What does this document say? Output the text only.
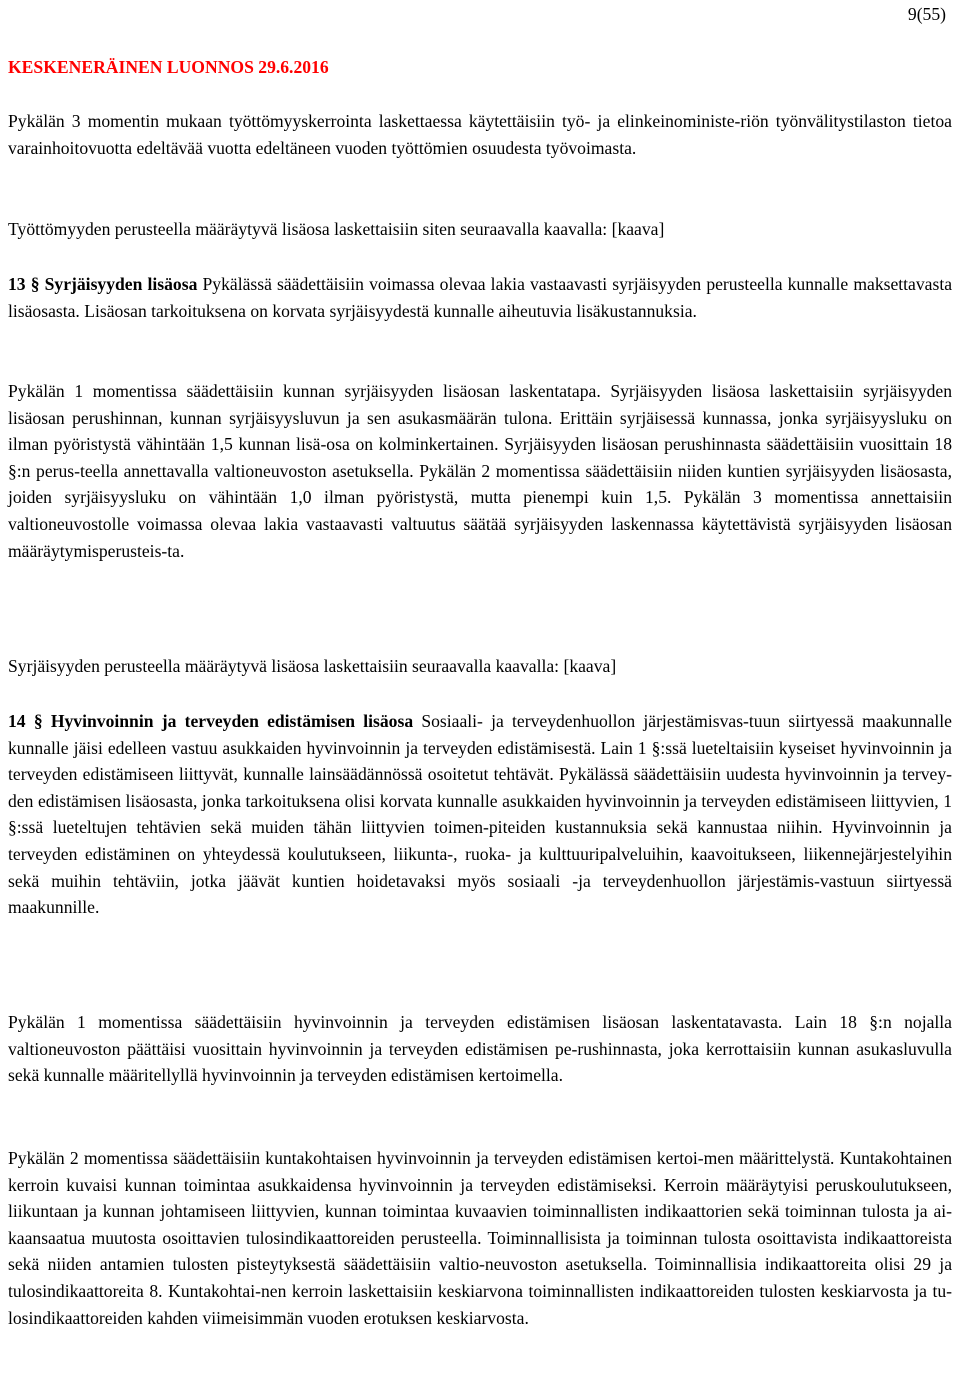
9(55)
KESKENERÄINEN LUONNOS 29.6.2016

Pykälän 3 momentin mukaan työttömyyskerrointa laskettaessa käytettäisiin työ- ja elinkeinoministe-riön työnvälitystilaston tietoa varainhoitovuotta edeltävää vuotta edeltäneen vuoden työttömien osuudesta työvoimasta.

Työttömyyden perusteella määräytyvä lisäosa laskettaisiin siten seuraavalla kaavalla: [kaava]

13 § Syrjäisyyden lisäosa Pykälässä säädettäisiin voimassa olevaa lakia vastaavasti syrjäisyyden perusteella kunnalle maksettavasta lisäosasta. Lisäosan tarkoituksena on korvata syrjäisyydestä kunnalle aiheutuvia lisäkustannuksia.

Pykälän 1 momentissa säädettäisiin kunnan syrjäisyyden lisäosan laskentatapa. Syrjäisyyden lisäosa laskettaisiin syrjäisyyden lisäosan perushinnan, kunnan syrjäisyysluvun ja sen asukasmäärän tulona. Erittäin syrjäisessä kunnassa, jonka syrjäisyysluku on ilman pyöristystä vähintään 1,5 kunnan lisä-osa on kolminkertainen. Syrjäisyyden lisäosan perushinnasta säädettäisiin vuosittain 18 §:n perus-teella annettavalla valtioneuvoston asetuksella. Pykälän 2 momentissa säädettäisiin niiden kuntien syrjäisyyden lisäosasta, joiden syrjäisyysluku on vähintään 1,0 ilman pyöristystä, mutta pienempi kuin 1,5. Pykälän 3 momentissa annettaisiin valtioneuvostolle voimassa olevaa lakia vastaavasti valtuutus säätää syrjäisyyden laskennassa käytettävistä syrjäisyyden lisäosan määräytymisperusteis-ta.

Syrjäisyyden perusteella määräytyvä lisäosa laskettaisiin seuraavalla kaavalla: [kaava]

14 § Hyvinvoinnin ja terveyden edistämisen lisäosa Sosiaali- ja terveydenhuollon järjestämisvas-tuun siirtyessä maakunnalle kunnalle jäisi edelleen vastuu asukkaiden hyvinvoinnin ja terveyden edistämisestä. Lain 1 §:ssä lueteltaisiin kyseiset hyvinvoinnin ja terveyden edistämiseen liittyvät, kunnalle lainsäädännössä osoitetut tehtävät. Pykälässä säädettäisiin uudesta hyvinvoinnin ja tervey-den edistämisen lisäosasta, jonka tarkoituksena olisi korvata kunnalle asukkaiden hyvinvoinnin ja terveyden edistämiseen liittyvien, 1 §:ssä lueteltujen tehtävien sekä muiden tähän liittyvien toimen-piteiden kustannuksia sekä kannustaa niihin. Hyvinvoinnin ja terveyden edistäminen on yhteydessä koulutukseen, liikunta-, ruoka- ja kulttuuripalveluihin, kaavoitukseen, liikennejärjestelyihin sekä muihin tehtäviin, jotka jäävät kuntien hoidetavaksi myös sosiaali -ja terveydenhuollon järjestämis-vastuun siirtyessä maakunnille.

Pykälän 1 momentissa säädettäisiin hyvinvoinnin ja terveyden edistämisen lisäosan laskentatavasta. Lain 18 §:n nojalla valtioneuvoston päättäisi vuosittain hyvinvoinnin ja terveyden edistämisen pe-rushinnasta, joka kerrottaisiin kunnan asukasluvulla sekä kunnalle määritellyllä hyvinvoinnin ja terveyden edistämisen kertoimella.

Pykälän 2 momentissa säädettäisiin kuntakohtaisen hyvinvoinnin ja terveyden edistämisen kertoi-men määrittelystä. Kuntakohtainen kerroin kuvaisi kunnan toimintaa asukkaidensa hyvinvoinnin ja terveyden edistämiseksi. Kerroin määräytyisi peruskoulutukseen, liikuntaan ja kunnan johtamiseen liittyvien, kunnan toimintaa kuvaavien toiminnallisten indikaattorien sekä toiminnan tulosta ja ai-kaansaatua muutosta osoittavien tulosindikaattoreiden perusteella. Toiminnallisista ja toiminnan tulosta osoittavista indikaattoreista sekä niiden antamien tulosten pisteytyksestä säädettäisiin valtio-neuvoston asetuksella. Toiminnallisia indikaattoreita olisi 29 ja tulosindikaattoreita 8. Kuntakohtai-nen kerroin laskettaisiin keskiarvona toiminnallisten indikaattoreiden tulosten keskiarvosta ja tu-losindikaattoreiden kahden viimeisimmän vuoden erotuksen keskiarvosta.
